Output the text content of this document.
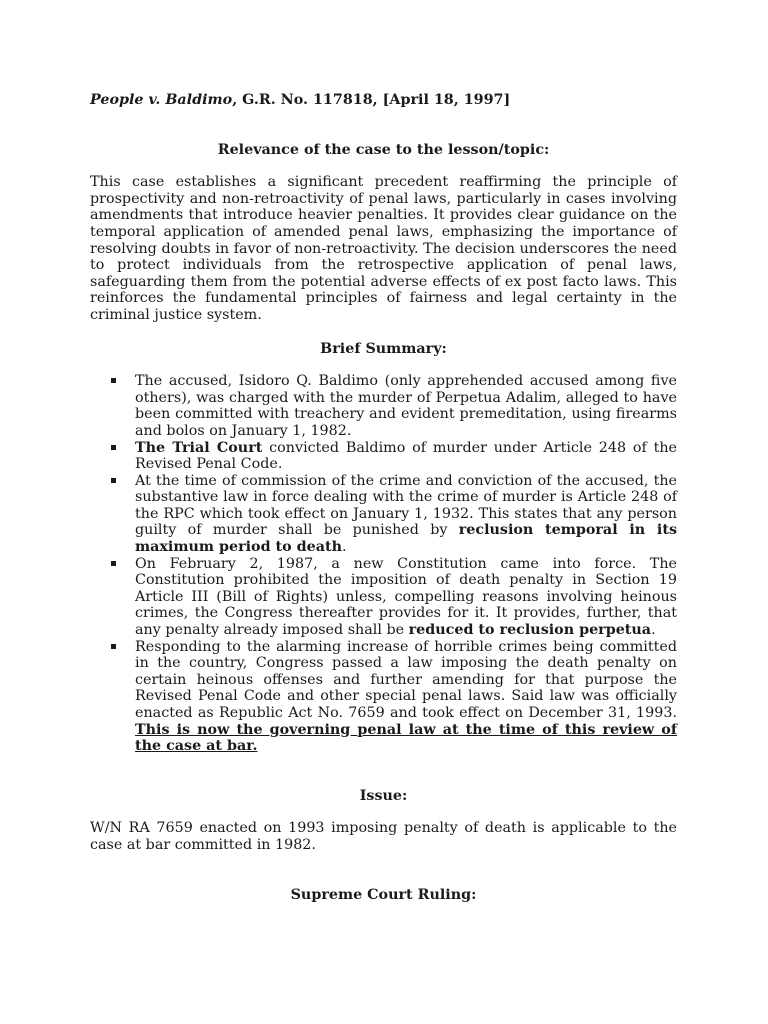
People v. Baldimo, G.R. No. 117818, [April 18, 1997]

Relevance of the case to the lesson/topic:

This case establishes a significant precedent reaffirming the principle of prospectivity and non-retroactivity of penal laws, particularly in cases involving amendments that introduce heavier penalties. It provides clear guidance on the temporal application of amended penal laws, emphasizing the importance of resolving doubts in favor of non-retroactivity. The decision underscores the need to protect individuals from the retrospective application of penal laws, safeguarding them from the potential adverse effects of ex post facto laws. This reinforces the fundamental principles of fairness and legal certainty in the criminal justice system.

Brief Summary:

The accused, Isidoro Q. Baldimo (only apprehended accused among five others), was charged with the murder of Perpetua Adalim, alleged to have been committed with treachery and evident premeditation, using firearms and bolos on January 1, 1982.
The Trial Court convicted Baldimo of murder under Article 248 of the Revised Penal Code.
At the time of commission of the crime and conviction of the accused, the substantive law in force dealing with the crime of murder is Article 248 of the RPC which took effect on January 1, 1932. This states that any person guilty of murder shall be punished by reclusion temporal in its maximum period to death.
On February 2, 1987, a new Constitution came into force. The Constitution prohibited the imposition of death penalty in Section 19 Article III (Bill of Rights) unless, compelling reasons involving heinous crimes, the Congress thereafter provides for it. It provides, further, that any penalty already imposed shall be reduced to reclusion perpetua.
Responding to the alarming increase of horrible crimes being committed in the country, Congress passed a law imposing the death penalty on certain heinous offenses and further amending for that purpose the Revised Penal Code and other special penal laws. Said law was officially enacted as Republic Act No. 7659 and took effect on December 31, 1993. This is now the governing penal law at the time of this review of the case at bar.

Issue:

W/N RA 7659 enacted on 1993 imposing penalty of death is applicable to the case at bar committed in 1982.

Supreme Court Ruling:
